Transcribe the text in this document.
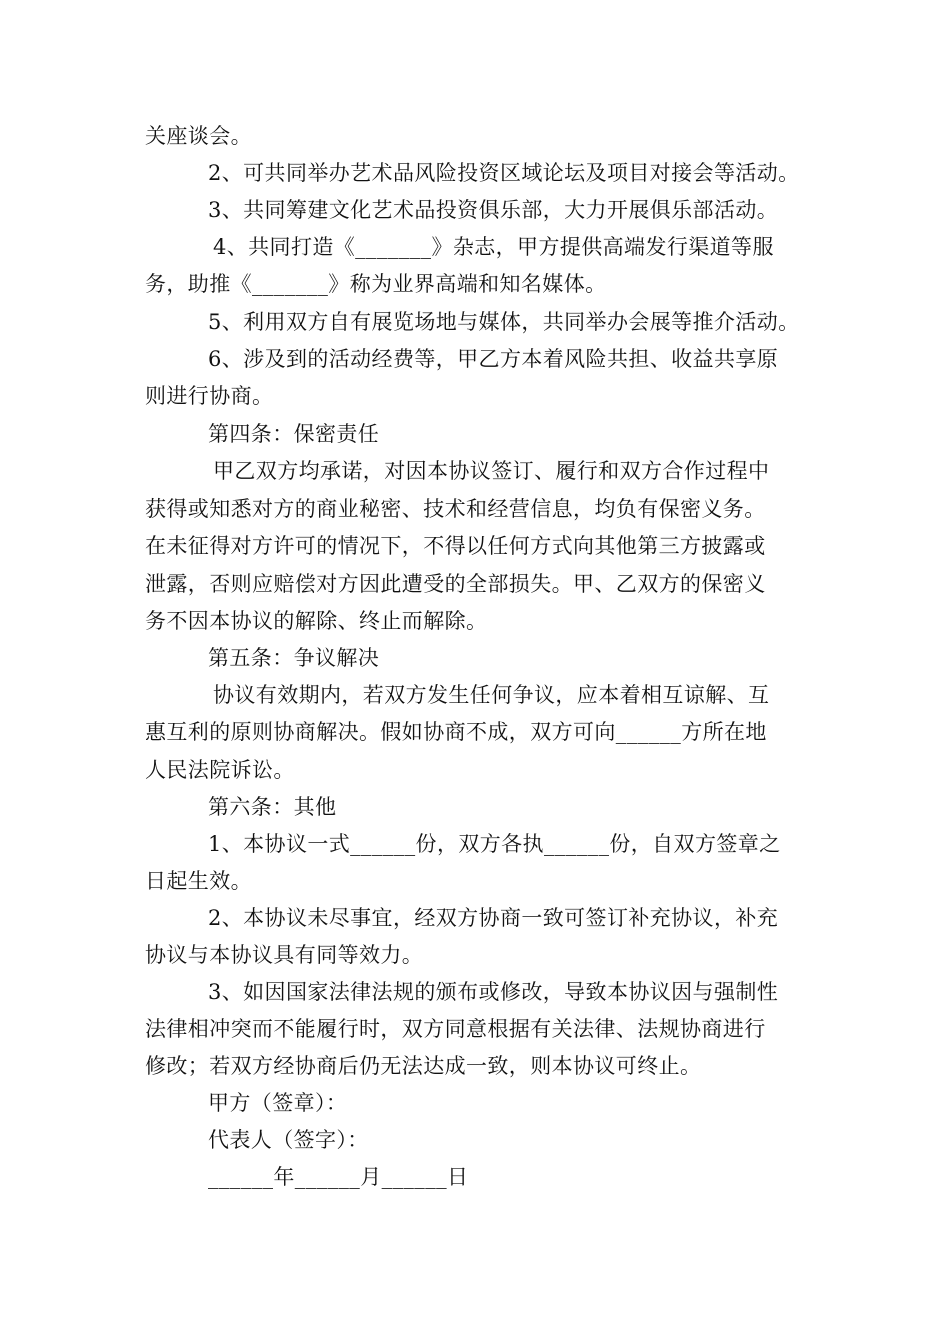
关座谈会。
2、可共同举办艺术品风险投资区域论坛及项目对接会等活动。
3、共同筹建文化艺术品投资俱乐部，大力开展俱乐部活动。
4、共同打造《_______》杂志，甲方提供高端发行渠道等服
务，助推《_______》称为业界高端和知名媒体。
5、利用双方自有展览场地与媒体，共同举办会展等推介活动。
6、涉及到的活动经费等，甲乙方本着风险共担、收益共享原
则进行协商。
第四条：保密责任
甲乙双方均承诺，对因本协议签订、履行和双方合作过程中
获得或知悉对方的商业秘密、技术和经营信息，均负有保密义务。
在未征得对方许可的情况下，不得以任何方式向其他第三方披露或
泄露，否则应赔偿对方因此遭受的全部损失。甲、乙双方的保密义
务不因本协议的解除、终止而解除。
第五条：争议解决
协议有效期内，若双方发生任何争议，应本着相互谅解、互
惠互利的原则协商解决。假如协商不成，双方可向______方所在地
人民法院诉讼。
第六条：其他
1、本协议一式______份，双方各执______份，自双方签章之
日起生效。
2、本协议未尽事宜，经双方协商一致可签订补充协议，补充
协议与本协议具有同等效力。
3、如因国家法律法规的颁布或修改，导致本协议因与强制性
法律相冲突而不能履行时，双方同意根据有关法律、法规协商进行
修改；若双方经协商后仍无法达成一致，则本协议可终止。
甲方（签章）：
代表人（签字）：
______年______月______日
